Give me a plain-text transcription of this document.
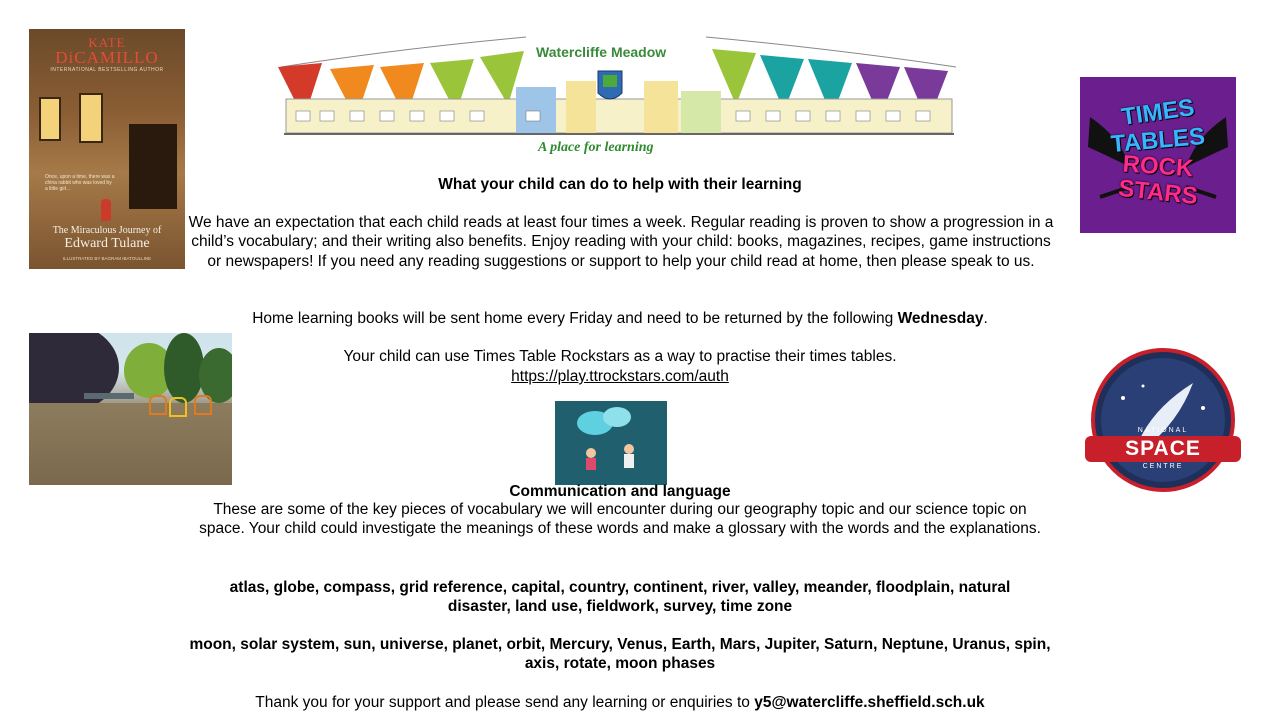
KATE
DiCAMILLO
INTERNATIONAL BESTSELLING AUTHOR
Once, upon a time, there was a china rabbit who was loved by a little girl...
The Miraculous Journey of
Edward Tulane
ILLUSTRATED BY BAGRAM IBATOULLINE
Watercliffe Meadow
A place for learning
TIMES
TABLES
ROCK
STARS
NATIONAL
SPACE
CENTRE
What your child can do to help with their learning
We have an expectation that each child reads at least four times a week. Regular reading is proven to show a progression in a child’s vocabulary; and their writing also benefits. Enjoy reading with your child: books, magazines, recipes, game instructions or newspapers! If you need any reading suggestions or support to help your child read at home, then please speak to us.
Home learning books will be sent home every Friday and need to be returned by the following Wednesday.
Your child can use Times Table Rockstars as a way to practise their times tables.
https://play.ttrockstars.com/auth
Communication and language
These are some of the key pieces of vocabulary we will encounter during our geography topic and our science topic on space. Your child could investigate the meanings of these words and make a glossary with the words and the explanations.
atlas, globe, compass, grid reference, capital, country, continent, river, valley, meander, floodplain, natural disaster, land use, fieldwork, survey, time zone
moon, solar system, sun, universe, planet, orbit, Mercury, Venus, Earth, Mars, Jupiter, Saturn, Neptune, Uranus, spin, axis, rotate, moon phases
Thank you for your support and please send any learning or enquiries to y5@watercliffe.sheffield.sch.uk
